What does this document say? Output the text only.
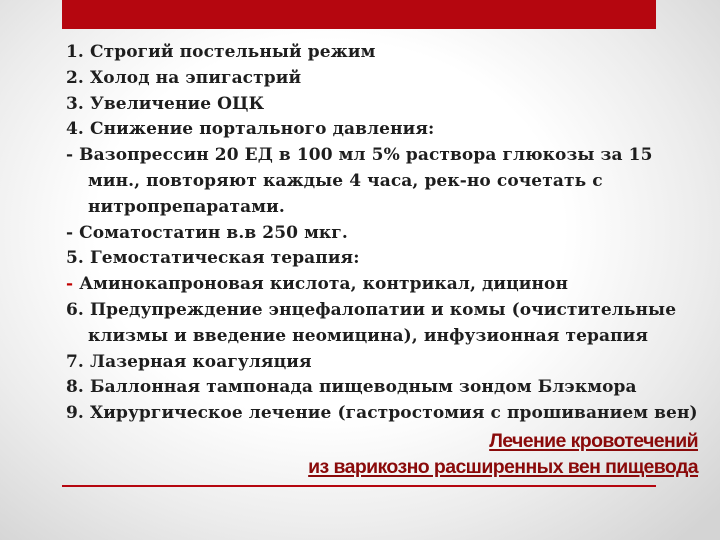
1. Строгий постельный режим

2. Холод на эпигастрий

3. Увеличение ОЦК

4. Снижение портального давления:

- Вазопрессин 20 ЕД в 100 мл 5% раствора глюкозы за 15

мин., повторяют каждые 4 часа, рек-но сочетать с

нитропрепаратами.

- Соматостатин в.в 250 мкг.

5. Гемостатическая терапия:

- Аминокапроновая кислота, контрикал, дицинон

6. Предупреждение энцефалопатии и комы (очистительные

клизмы и введение неомицина), инфузионная терапия

7. Лазерная коагуляция

8. Баллонная тампонада пищеводным зондом Блэкмора

9. Хирургическое лечение (гастростомия с прошиванием вен)

Лечение кровотечений
из варикозно расширенных вен пищевода
